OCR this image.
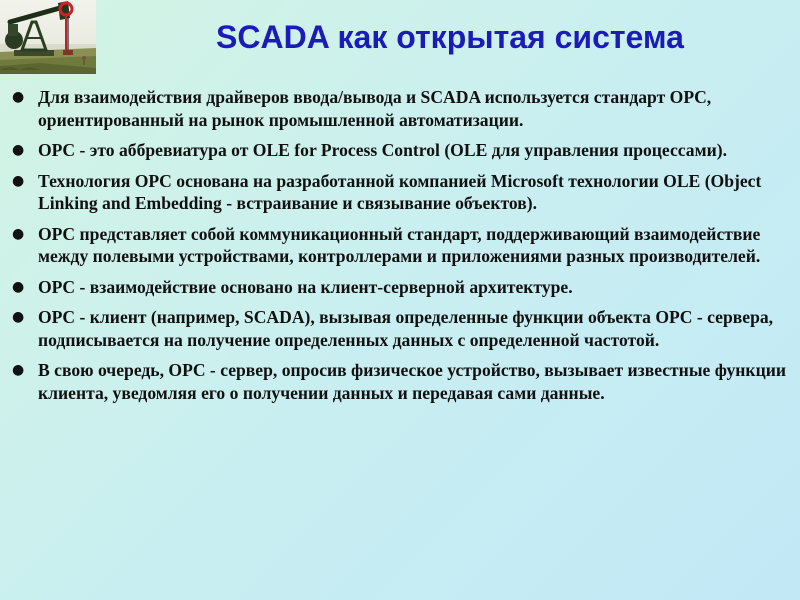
SCADA как открытая система
● Для взаимодействия драйверов ввода/вывода и SCADA используется стандарт OPC, ориентированный на рынок промышленной автоматизации.
● OPC - это аббревиатура от OLE for Process Control (OLE для управления процессами).
● Технология OPC основана на разработанной компанией Microsoft технологии OLE (Object Linking and Embedding - встраивание и связывание объектов).
● OPC представляет собой коммуникационный стандарт, поддерживающий взаимодействие между полевыми устройствами, контроллерами и приложениями разных производителей.
● OPC - взаимодействие основано на клиент-серверной архитектуре.
● OPC - клиент (например, SCADA), вызывая определенные функции объекта OPC - сервера, подписывается на получение определенных данных с определенной частотой.
● В свою очередь, OPC - сервер, опросив физическое устройство, вызывает известные функции клиента, уведомляя его о получении данных и передавая сами данные.
